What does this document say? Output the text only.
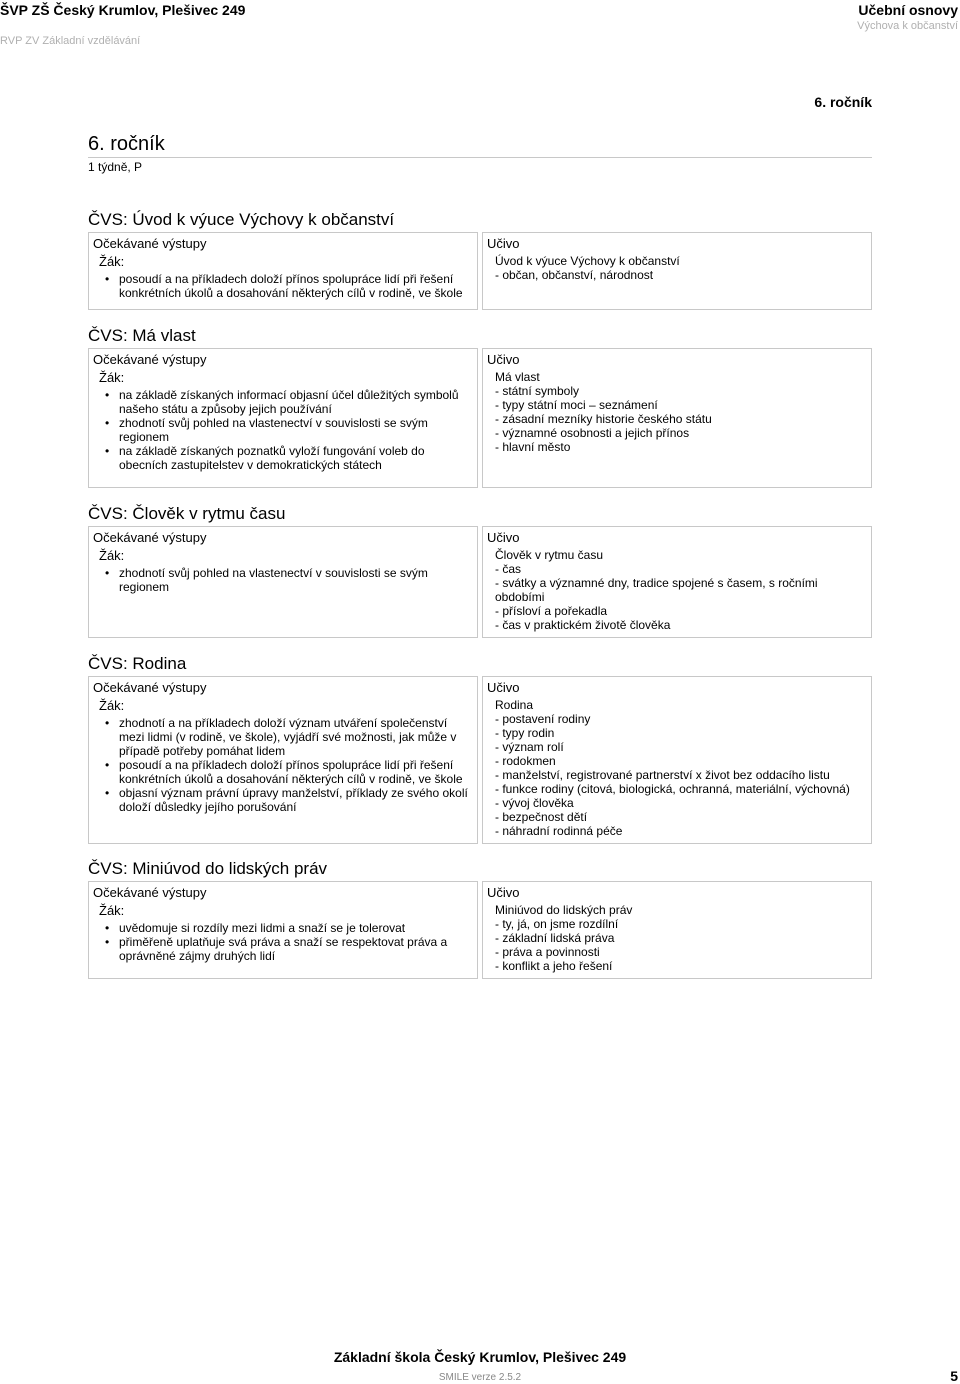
ŠVP ZŠ Český Krumlov, Plešivec 249
RVP ZV Základní vzdělávání
Učební osnovy
Výchova k občanství
6. ročník
6. ročník
1 týdně, P
ČVS: Úvod k výuce Výchovy k občanství
Očekávané výstupy
Žák:
• posoudí a na příkladech doloží přínos spolupráce lidí při řešení konkrétních úkolů a dosahování některých cílů v rodině, ve škole
Učivo
Úvod k výuce Výchovy k občanství
- občan, občanství, národnost
ČVS: Má vlast
Očekávané výstupy
Žák:
• na základě získaných informací objasní účel důležitých symbolů našeho státu a způsoby jejich používání
• zhodnotí svůj pohled na vlastenectví v souvislosti se svým regionem
• na základě získaných poznatků vyloží fungování voleb do obecních zastupitelstev v demokratických státech
Učivo
Má vlast
- státní symboly
- typy státní moci – seznámení
- zásadní mezníky historie českého státu
- významné osobnosti a jejich přínos
- hlavní město
ČVS: Člověk v rytmu času
Očekávané výstupy
Žák:
• zhodnotí svůj pohled na vlastenectví v souvislosti se svým regionem
Učivo
Člověk v rytmu času
- čas
- svátky a významné dny, tradice spojené s časem, s ročními obdobími
- přísloví a pořekadla
- čas v praktickém životě člověka
ČVS: Rodina
Očekávané výstupy
Žák:
• zhodnotí a na příkladech doloží význam utváření společenství mezi lidmi (v rodině, ve škole), vyjádří své možnosti, jak může v případě potřeby pomáhat lidem
• posoudí a na příkladech doloží přínos spolupráce lidí při řešení konkrétních úkolů a dosahování některých cílů v rodině, ve škole
• objasní význam právní úpravy manželství, příklady ze svého okolí doloží důsledky jejího porušování
Učivo
Rodina
- postavení rodiny
- typy rodin
- význam rolí
- rodokmen
- manželství, registrované partnerství x život bez oddacího listu
- funkce rodiny (citová, biologická, ochranná, materiální, výchovná)
- vývoj člověka
- bezpečnost dětí
- náhradní rodinná péče
ČVS: Miniúvod do lidských práv
Očekávané výstupy
Žák:
• uvědomuje si rozdíly mezi lidmi a snaží se je tolerovat
• přiměřeně uplatňuje svá práva a snaží se respektovat práva a oprávněné zájmy druhých lidí
Učivo
Miniúvod do lidských práv
- ty, já, on jsme rozdílní
- základní lidská práva
- práva a povinnosti
- konflikt a jeho řešení
Základní škola Český Krumlov, Plešivec 249
SMILE verze 2.5.2	5
